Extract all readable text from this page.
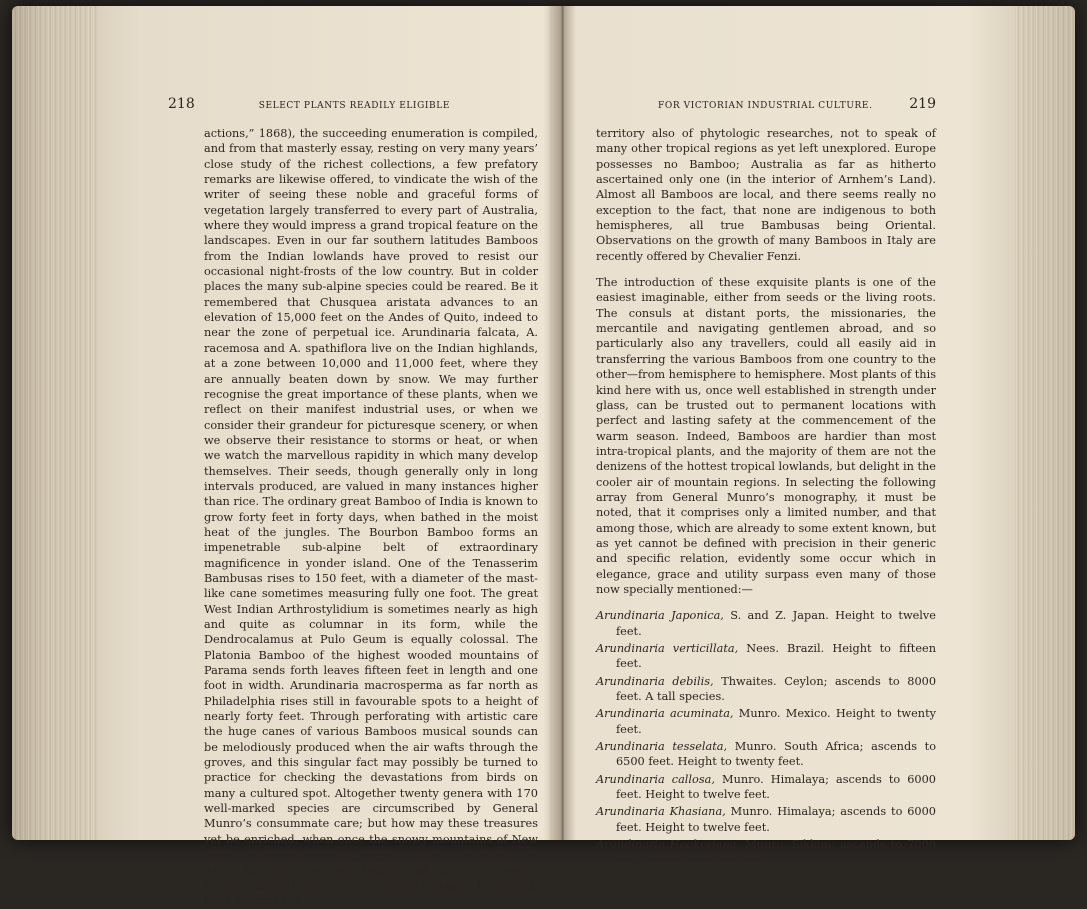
218	SELECT PLANTS READILY ELIGIBLE

actions,” 1868), the succeeding enumeration is compiled, and from that masterly essay, resting on very many years’ close study of the richest collections, a few prefatory remarks are likewise offered, to vindicate the wish of the writer of seeing these noble and graceful forms of vegetation largely transferred to every part of Australia, where they would impress a grand tropical feature on the landscapes. Even in our far southern latitudes Bamboos from the Indian lowlands have proved to resist our occasional night-frosts of the low country. But in colder places the many sub-alpine species could be reared. Be it remembered that Chusquea aristata advances to an elevation of 15,000 feet on the Andes of Quito, indeed to near the zone of perpetual ice. Arundinaria falcata, A. racemosa and A. spathiflora live on the Indian highlands, at a zone between 10,000 and 11,000 feet, where they are annually beaten down by snow. We may further recognise the great importance of these plants, when we reflect on their manifest industrial uses, or when we consider their grandeur for picturesque scenery, or when we observe their resistance to storms or heat, or when we watch the marvellous rapidity in which many develop themselves. Their seeds, though generally only in long intervals produced, are valued in many instances higher than rice. The ordinary great Bamboo of India is known to grow forty feet in forty days, when bathed in the moist heat of the jungles. The Bourbon Bamboo forms an impenetrable sub-alpine belt of extraordinary magnificence in yonder island. One of the Tenasserim Bambusas rises to 150 feet, with a diameter of the mast-like cane sometimes measuring fully one foot. The great West Indian Arthrostylidium is sometimes nearly as high and quite as columnar in its form, while the Dendrocalamus at Pulo Geum is equally colossal. The Platonia Bamboo of the highest wooded mountains of Parama sends forth leaves fifteen feet in length and one foot in width. Arundinaria macrosperma as far north as Philadelphia rises still in favourable spots to a height of nearly forty feet. Through perforating with artistic care the huge canes of various Bamboos musical sounds can be melodiously produced when the air wafts through the groves, and this singular fact may possibly be turned to practice for checking the devastations from birds on many a cultured spot. Altogether twenty genera with 170 well-marked species are circumscribed by General Munro’s consummate care; but how may these treasures yet be enriched, when once the snowy mountains of New Guinea through Bamboo jungles become ascended, or when the alps on the sources of the Nile, which Ptolemæus and Julius Cæsar already longed to ascend, have become the

FOR VICTORIAN INDUSTRIAL CULTURE.	219

territory also of phytologic researches, not to speak of many other tropical regions as yet left unexplored. Europe possesses no Bamboo; Australia as far as hitherto ascertained only one (in the interior of Arnhem’s Land). Almost all Bamboos are local, and there seems really no exception to the fact, that none are indigenous to both hemispheres, all true Bambusas being Oriental. Observations on the growth of many Bamboos in Italy are recently offered by Chevalier Fenzi.

The introduction of these exquisite plants is one of the easiest imaginable, either from seeds or the living roots. The consuls at distant ports, the missionaries, the mercantile and navigating gentlemen abroad, and so particularly also any travellers, could all easily aid in transferring the various Bamboos from one country to the other—from hemisphere to hemisphere. Most plants of this kind here with us, once well established in strength under glass, can be trusted out to permanent locations with perfect and lasting safety at the commencement of the warm season. Indeed, Bamboos are hardier than most intra-tropical plants, and the majority of them are not the denizens of the hottest tropical lowlands, but delight in the cooler air of mountain regions. In selecting the following array from General Munro’s monography, it must be noted, that it comprises only a limited number, and that among those, which are already to some extent known, but as yet cannot be defined with precision in their generic and specific relation, evidently some occur which in elegance, grace and utility surpass even many of those now specially mentioned:—

Arundinaria Japonica, S. and Z. Japan. Height to twelve feet.
Arundinaria verticillata, Nees. Brazil. Height to fifteen feet.
Arundinaria debilis, Thwaites. Ceylon; ascends to 8000 feet. A tall species.
Arundinaria acuminata, Munro. Mexico. Height to twenty feet.
Arundinaria tesselata, Munro. South Africa; ascends to 6500 feet. Height to twenty feet.
Arundinaria callosa, Munro. Himalaya; ascends to 6000 feet. Height to twelve feet.
Arundinaria Khasiana, Munro. Himalaya; ascends to 6000 feet. Height to twelve feet.
Arundinaria Hookeriana, Munro. Sikkim; ascends to 7000 feet. Height to fifteen feet.
